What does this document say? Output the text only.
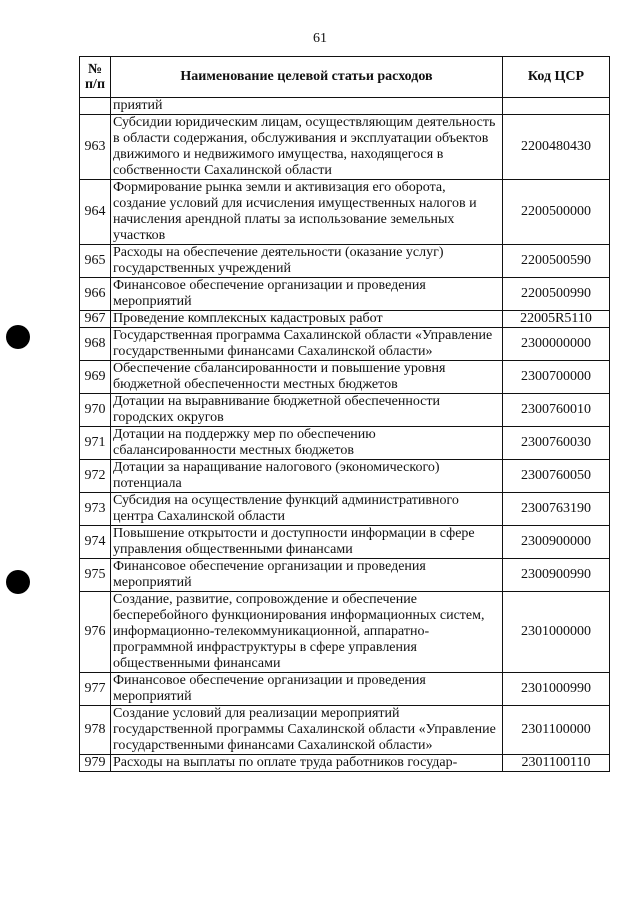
61
№ п/п	Наименование целевой статьи расходов	Код ЦСР
	приятий	
963	Субсидии юридическим лицам, осуществляющим деятельность в области содержания, обслуживания и эксплуатации объектов движимого и недвижимого имущества, находящегося в собственности Сахалинской области	2200480430
964	Формирование рынка земли и активизация его оборота, создание условий для исчисления имущественных налогов и начисления арендной платы за использование земельных участков	2200500000
965	Расходы на обеспечение деятельности (оказание услуг) государственных учреждений	2200500590
966	Финансовое обеспечение организации и проведения мероприятий	2200500990
967	Проведение комплексных кадастровых работ	22005R5110
968	Государственная программа Сахалинской области «Управление государственными финансами Сахалинской области»	2300000000
969	Обеспечение сбалансированности и повышение уровня бюджетной обеспеченности местных бюджетов	2300700000
970	Дотации на выравнивание бюджетной обеспеченности городских округов	2300760010
971	Дотации на поддержку мер по обеспечению сбалансированности местных бюджетов	2300760030
972	Дотации за наращивание налогового (экономического) потенциала	2300760050
973	Субсидия на осуществление функций административного центра Сахалинской области	2300763190
974	Повышение открытости и доступности информации в сфере управления общественными финансами	2300900000
975	Финансовое обеспечение организации и проведения мероприятий	2300900990
976	Создание, развитие, сопровождение и обеспечение бесперебойного функционирования информационных систем, информационно-телекоммуникационной, аппаратно-программной инфраструктуры в сфере управления общественными финансами	2301000000
977	Финансовое обеспечение организации и проведения мероприятий	2301000990
978	Создание условий для реализации мероприятий государственной программы Сахалинской области «Управление государственными финансами Сахалинской области»	2301100000
979	Расходы на выплаты по оплате труда работников государ-	2301100110
